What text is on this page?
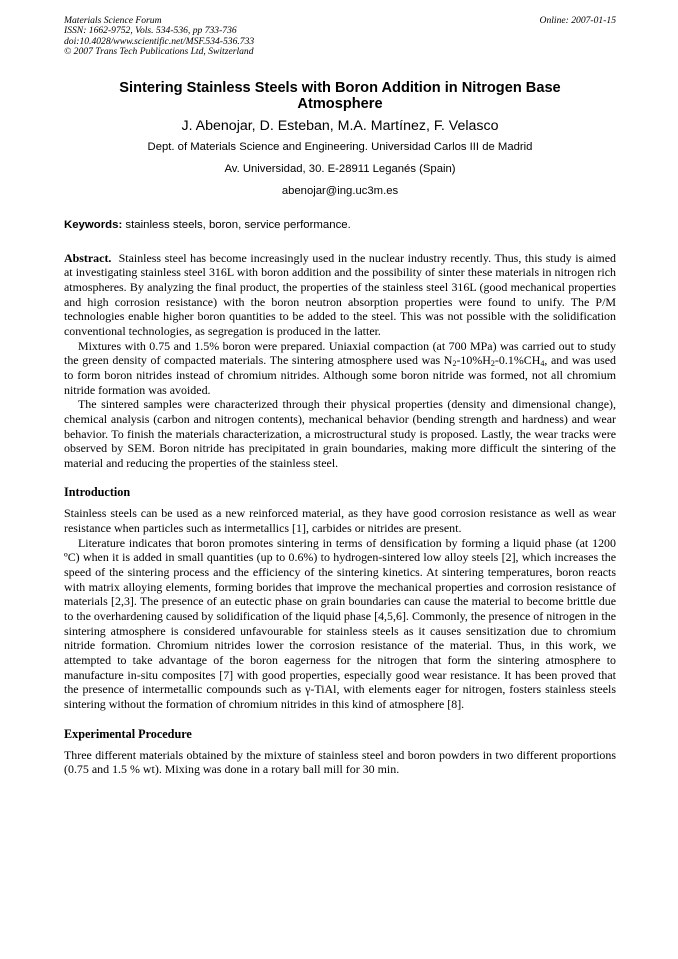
Materials Science Forum
ISSN: 1662-9752, Vols. 534-536, pp 733-736
doi:10.4028/www.scientific.net/MSF.534-536.733
© 2007 Trans Tech Publications Ltd, Switzerland
Online: 2007-01-15
Sintering Stainless Steels with Boron Addition in Nitrogen Base
Atmosphere
J. Abenojar, D. Esteban, M.A. Martínez, F. Velasco
Dept. of Materials Science and Engineering. Universidad Carlos III de Madrid
Av. Universidad, 30. E-28911 Leganés (Spain)
abenojar@ing.uc3m.es
Keywords: stainless steels, boron, service performance.
Abstract.  Stainless steel has become increasingly used in the nuclear industry recently. Thus, this study is aimed at investigating stainless steel 316L with boron addition and the possibility of sinter these materials in nitrogen rich atmospheres. By analyzing the final product, the properties of the stainless steel 316L (good mechanical properties and high corrosion resistance) with the boron neutron absorption properties were found to unify. The P/M technologies enable higher boron quantities to be added to the steel. This was not possible with the solidification conventional technologies, as segregation is produced in the latter.
Mixtures with 0.75 and 1.5% boron were prepared. Uniaxial compaction (at 700 MPa) was carried out to study the green density of compacted materials. The sintering atmosphere used was $N_2-10\%H_2-0.1\%CH_4$, and was used to form boron nitrides instead of chromium nitrides. Although some boron nitride was formed, not all chromium nitride formation was avoided.
The sintered samples were characterized through their physical properties (density and dimensional change), chemical analysis (carbon and nitrogen contents), mechanical behavior (bending strength and hardness) and wear behavior. To finish the materials characterization, a microstructural study is proposed. Lastly, the wear tracks were observed by SEM. Boron nitride has precipitated in grain boundaries, making more difficult the sintering of the material and reducing the properties of the stainless steel.
Introduction
Stainless steels can be used as a new reinforced material, as they have good corrosion resistance as well as wear resistance when particles such as intermetallics [1], carbides or nitrides are present.
Literature indicates that boron promotes sintering in terms of densification by forming a liquid phase (at 1200 ºC) when it is added in small quantities (up to 0.6%) to hydrogen-sintered low alloy steels [2], which increases the speed of the sintering process and the efficiency of the sintering kinetics. At sintering temperatures, boron reacts with matrix alloying elements, forming borides that improve the mechanical properties and corrosion resistance of materials [2,3]. The presence of an eutectic phase on grain boundaries can cause the material to become brittle due to the overhardening caused by solidification of the liquid phase [4,5,6]. Commonly, the presence of nitrogen in the sintering atmosphere is considered unfavourable for stainless steels as it causes sensitization due to chromium nitride formation. Chromium nitrides lower the corrosion resistance of the material. Thus, in this work, we attempted to take advantage of the boron eagerness for the nitrogen that form the sintering atmosphere to manufacture in-situ composites [7] with good properties, especially good wear resistance. It has been proved that the presence of intermetallic compounds such as γ-TiAl, with elements eager for nitrogen, fosters stainless steels sintering without the formation of chromium nitrides in this kind of atmosphere [8].
Experimental Procedure
Three different materials obtained by the mixture of stainless steel and boron powders in two different proportions (0.75 and 1.5 % wt). Mixing was done in a rotary ball mill for 30 min.
